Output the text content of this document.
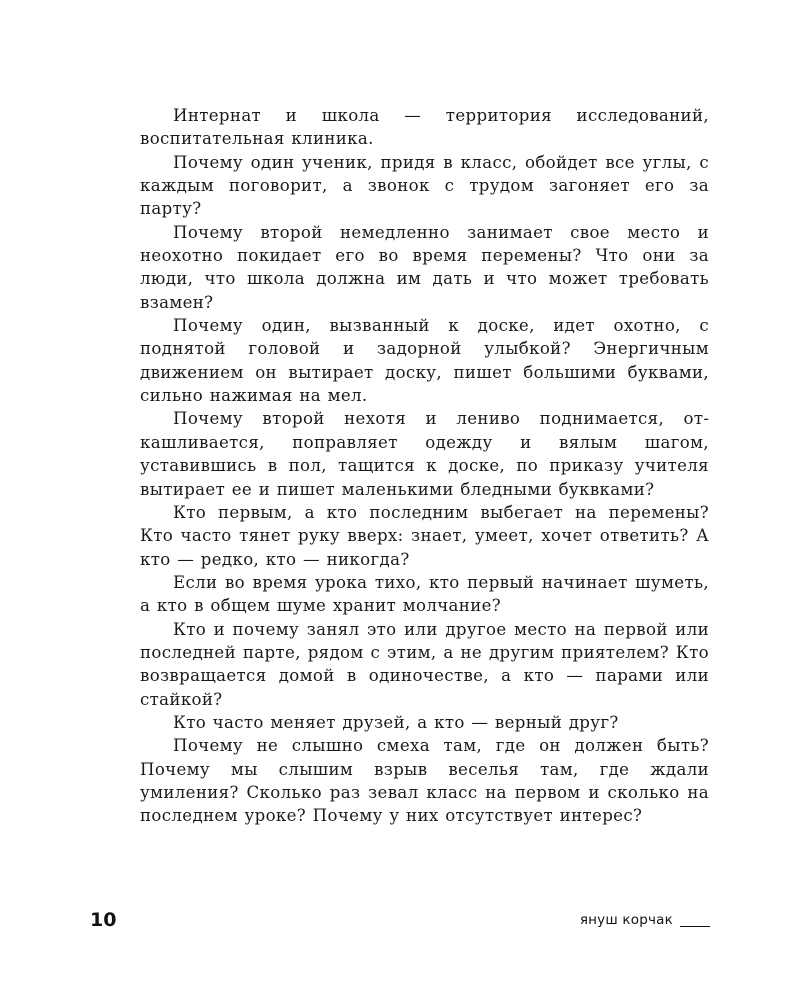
Интернат и школа — территория исследований, воспитательная клиника.

Почему один ученик, придя в класс, обойдет все углы, с каждым поговорит, а звонок с трудом загоняет его за парту?

Почему второй немедленно занимает свое место и неохотно покидает его во время перемены? Что они за люди, что школа должна им дать и что может требовать взамен?

Почему один, вызванный к доске, идет охотно, с поднятой головой и задорной улыбкой? Энергичным движением он вытирает доску, пишет большими буквами, сильно нажимая на мел.

Почему второй нехотя и лениво поднимается, откашливается, поправляет одежду и вялым шагом, уставившись в пол, тащится к доске, по приказу учителя вытирает ее и пишет маленькими бледными буквками?

Кто первым, а кто последним выбегает на перемены? Кто часто тянет руку вверх: знает, умеет, хочет ответить? А кто — редко, кто — никогда?

Если во время урока тихо, кто первый начинает шуметь, а кто в общем шуме хранит молчание?

Кто и почему занял это или другое место на первой или последней парте, рядом с этим, а не другим приятелем? Кто возвращается домой в одиночестве, а кто — парами или стайкой?

Кто часто меняет друзей, а кто — верный друг?

Почему не слышно смеха там, где он должен быть? Почему мы слышим взрыв веселья там, где ждали умиления? Сколько раз зевал класс на первом и сколько на последнем уроке? Почему у них отсутствует интерес?

10	януш корчак
